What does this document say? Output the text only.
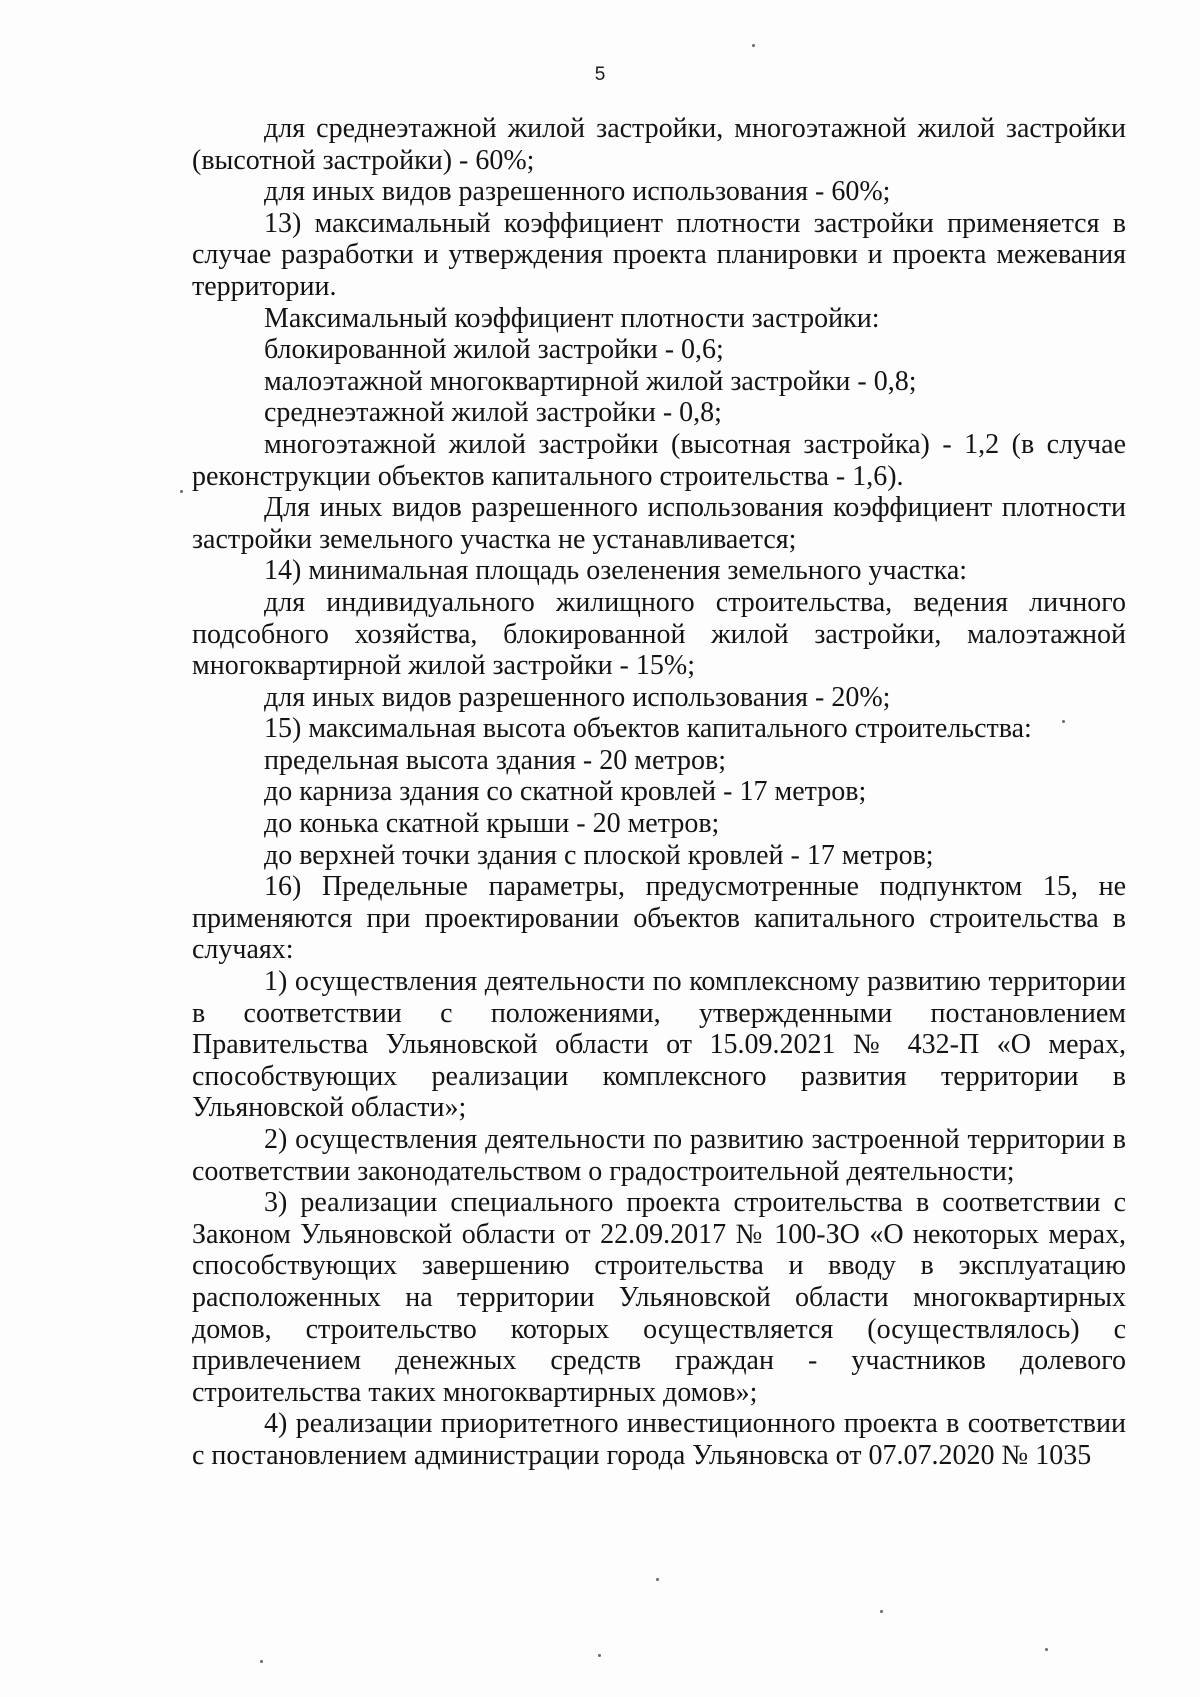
5

для среднеэтажной жилой застройки, многоэтажной жилой застройки (высотной застройки) - 60%;

для иных видов разрешенного использования - 60%;

13) максимальный коэффициент плотности застройки применяется в случае разработки и утверждения проекта планировки и проекта межевания территории.

Максимальный коэффициент плотности застройки:

блокированной жилой застройки - 0,6;

малоэтажной многоквартирной жилой застройки - 0,8;

среднеэтажной жилой застройки - 0,8;

многоэтажной жилой застройки (высотная застройка) - 1,2 (в случае реконструкции объектов капитального строительства - 1,6).

Для иных видов разрешенного использования коэффициент плотности застройки земельного участка не устанавливается;

14) минимальная площадь озеленения земельного участка:

для индивидуального жилищного строительства, ведения личного подсобного хозяйства, блокированной жилой застройки, малоэтажной многоквартирной жилой застройки - 15%;

для иных видов разрешенного использования - 20%;

15) максимальная высота объектов капитального строительства:

предельная высота здания - 20 метров;

до карниза здания со скатной кровлей - 17 метров;

до конька скатной крыши - 20 метров;

до верхней точки здания с плоской кровлей - 17 метров;

16) Предельные параметры, предусмотренные подпунктом 15, не применяются при проектировании объектов капитального строительства в случаях:

1) осуществления деятельности по комплексному развитию территории в соответствии с положениями, утвержденными постановлением Правительства Ульяновской области от 15.09.2021 № 432-П «О мерах, способствующих реализации комплексного развития территории в Ульяновской области»;

2) осуществления деятельности по развитию застроенной территории в соответствии законодательством о градостроительной деятельности;

3) реализации специального проекта строительства в соответствии с Законом Ульяновской области от 22.09.2017 № 100-ЗО «О некоторых мерах, способствующих завершению строительства и вводу в эксплуатацию расположенных на территории Ульяновской области многоквартирных домов, строительство которых осуществляется (осуществлялось) с привлечением денежных средств граждан - участников долевого строительства таких многоквартирных домов»;

4) реализации приоритетного инвестиционного проекта в соответствии с постановлением администрации города Ульяновска от 07.07.2020 № 1035
